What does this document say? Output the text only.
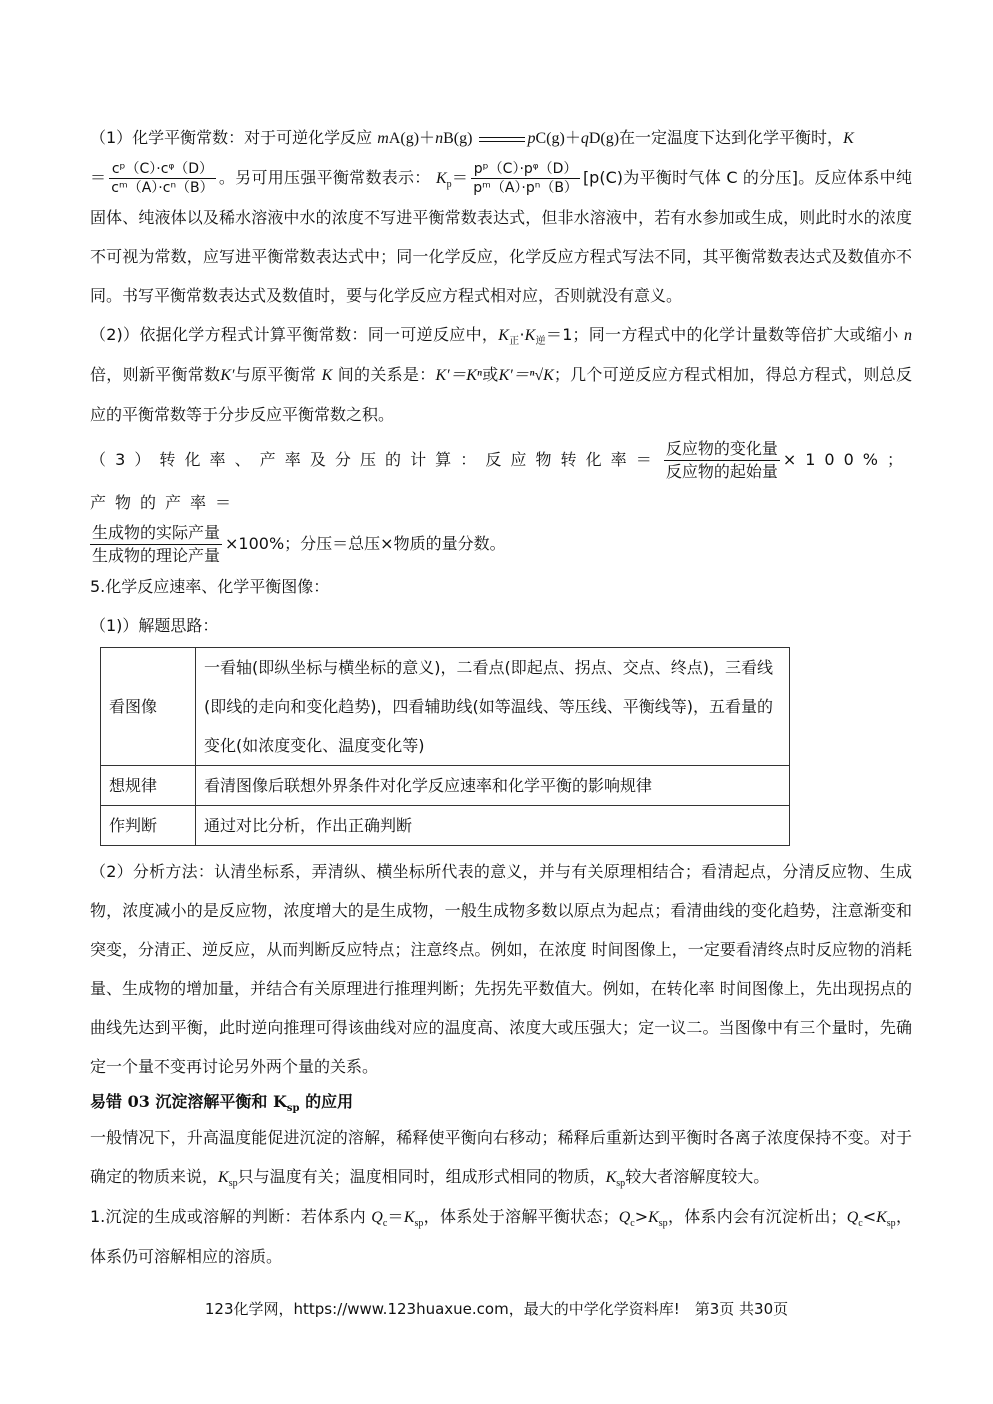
（1）化学平衡常数：对于可逆化学反应 mA(g)＋nB(g)	pC(g)＋qD(g)在一定温度下达到化学平衡时，K
＝ $\frac{\text{cᵖ（C）·cᵠ（D）}}{\text{cᵐ（A）·cⁿ（B）}}$ 。另可用压强平衡常数表示： $K_p= \frac{\text{pᵖ（C）·pᵠ（D）}}{\text{pᵐ（A）·pⁿ（B）}} [p(C)$为平衡时气体 C 的分压]。反应体系中纯固体、纯液体以及稀水溶液中水的浓度不写进平衡常数表达式，但非水溶液中，若有水参加或生成，则此时水的浓度不可视为常数，应写进平衡常数表达式中；同一化学反应，化学反应方程式写法不同，其平衡常数表达式及数值亦不同。书写平衡常数表达式及数值时，要与化学反应方程式相对应，否则就没有意义。

（2)）依据化学方程式计算平衡常数：同一可逆反应中，$K_正\cdot K_逆=1$；同一方程式中的化学计量数等倍扩大或缩小 n 倍，则新平衡常数K′与原平衡常 K 间的关系是：K′＝Kⁿ或K′＝ⁿ√K；几个可逆反应方程式相加，得总方程式，则总反应的平衡常数等于分步反应平衡常数之积。

（3）转化率、产率及分压的计算：反应物转化率＝ $\frac{\text{反应物的变化量}}{\text{反应物的起始量}} \times 100\%$；产物的产率＝

$\frac{\text{生成物的实际产量}}{\text{生成物的理论产量}} \times 100\%$；分压＝总压×物质的量分数。

5.化学反应速率、化学平衡图像：

（1)）解题思路：

看图像	一看轴(即纵坐标与横坐标的意义)，二看点(即起点、拐点、交点、终点)，三看线(即线的走向和变化趋势)，四看辅助线(如等温线、等压线、平衡线等)，五看量的变化(如浓度变化、温度变化等)
想规律	看清图像后联想外界条件对化学反应速率和化学平衡的影响规律
作判断	通过对比分析，作出正确判断

（2）分析方法：认清坐标系，弄清纵、横坐标所代表的意义，并与有关原理相结合；看清起点，分清反应物、生成物，浓度减小的是反应物，浓度增大的是生成物，一般生成物多数以原点为起点；看清曲线的变化趋势，注意渐变和突变，分清正、逆反应，从而判断反应特点；注意终点。例如，在浓度 时间图像上，一定要看清终点时反应物的消耗量、生成物的增加量，并结合有关原理进行推理判断；先拐先平数值大。例如，在转化率 时间图像上，先出现拐点的曲线先达到平衡，此时逆向推理可得该曲线对应的温度高、浓度大或压强大；定一议二。当图像中有三个量时，先确定一个量不变再讨论另外两个量的关系。

易错 03 沉淀溶解平衡和 $K_{sp}$ 的应用

一般情况下，升高温度能促进沉淀的溶解，稀释使平衡向右移动；稀释后重新达到平衡时各离子浓度保持不变。对于确定的物质来说，$K_{sp}$只与温度有关；温度相同时，组成形式相同的物质，$K_{sp}$较大者溶解度较大。

1.沉淀的生成或溶解的判断：若体系内 $Q_c=K_{sp}$，体系处于溶解平衡状态；$Q_c>K_{sp}$，体系内会有沉淀析出；$Q_c<K_{sp}$，体系仍可溶解相应的溶质。

123化学网，https://www.123huaxue.com，最大的中学化学资料库!　第3页 共30页
